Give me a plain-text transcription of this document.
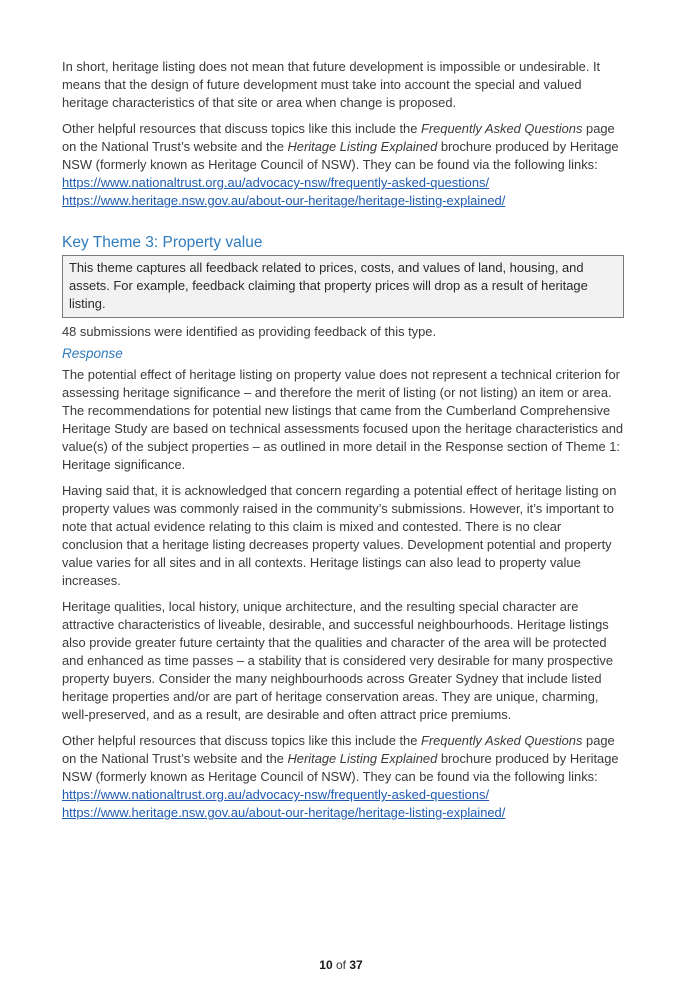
In short, heritage listing does not mean that future development is impossible or undesirable. It means that the design of future development must take into account the special and valued heritage characteristics of that site or area when change is proposed.

Other helpful resources that discuss topics like this include the Frequently Asked Questions page on the National Trust’s website and the Heritage Listing Explained brochure produced by Heritage NSW (formerly known as Heritage Council of NSW). They can be found via the following links:

https://www.nationaltrust.org.au/advocacy-nsw/frequently-asked-questions/
https://www.heritage.nsw.gov.au/about-our-heritage/heritage-listing-explained/
Key Theme 3: Property value

This theme captures all feedback related to prices, costs, and values of land, housing, and assets. For example, feedback claiming that property prices will drop as a result of heritage listing.

48 submissions were identified as providing feedback of this type.

Response

The potential effect of heritage listing on property value does not represent a technical criterion for assessing heritage significance – and therefore the merit of listing (or not listing) an item or area. The recommendations for potential new listings that came from the Cumberland Comprehensive Heritage Study are based on technical assessments focused upon the heritage characteristics and value(s) of the subject properties – as outlined in more detail in the Response section of Theme 1: Heritage significance.

Having said that, it is acknowledged that concern regarding a potential effect of heritage listing on property values was commonly raised in the community’s submissions. However, it’s important to note that actual evidence relating to this claim is mixed and contested. There is no clear conclusion that a heritage listing decreases property values. Development potential and property value varies for all sites and in all contexts. Heritage listings can also lead to property value increases.

Heritage qualities, local history, unique architecture, and the resulting special character are attractive characteristics of liveable, desirable, and successful neighbourhoods. Heritage listings also provide greater future certainty that the qualities and character of the area will be protected and enhanced as time passes – a stability that is considered very desirable for many prospective property buyers. Consider the many neighbourhoods across Greater Sydney that include listed heritage properties and/or are part of heritage conservation areas. They are unique, charming, well-preserved, and as a result, are desirable and often attract price premiums.

Other helpful resources that discuss topics like this include the Frequently Asked Questions page on the National Trust’s website and the Heritage Listing Explained brochure produced by Heritage NSW (formerly known as Heritage Council of NSW). They can be found via the following links:

https://www.nationaltrust.org.au/advocacy-nsw/frequently-asked-questions/
https://www.heritage.nsw.gov.au/about-our-heritage/heritage-listing-explained/
10 of 37
